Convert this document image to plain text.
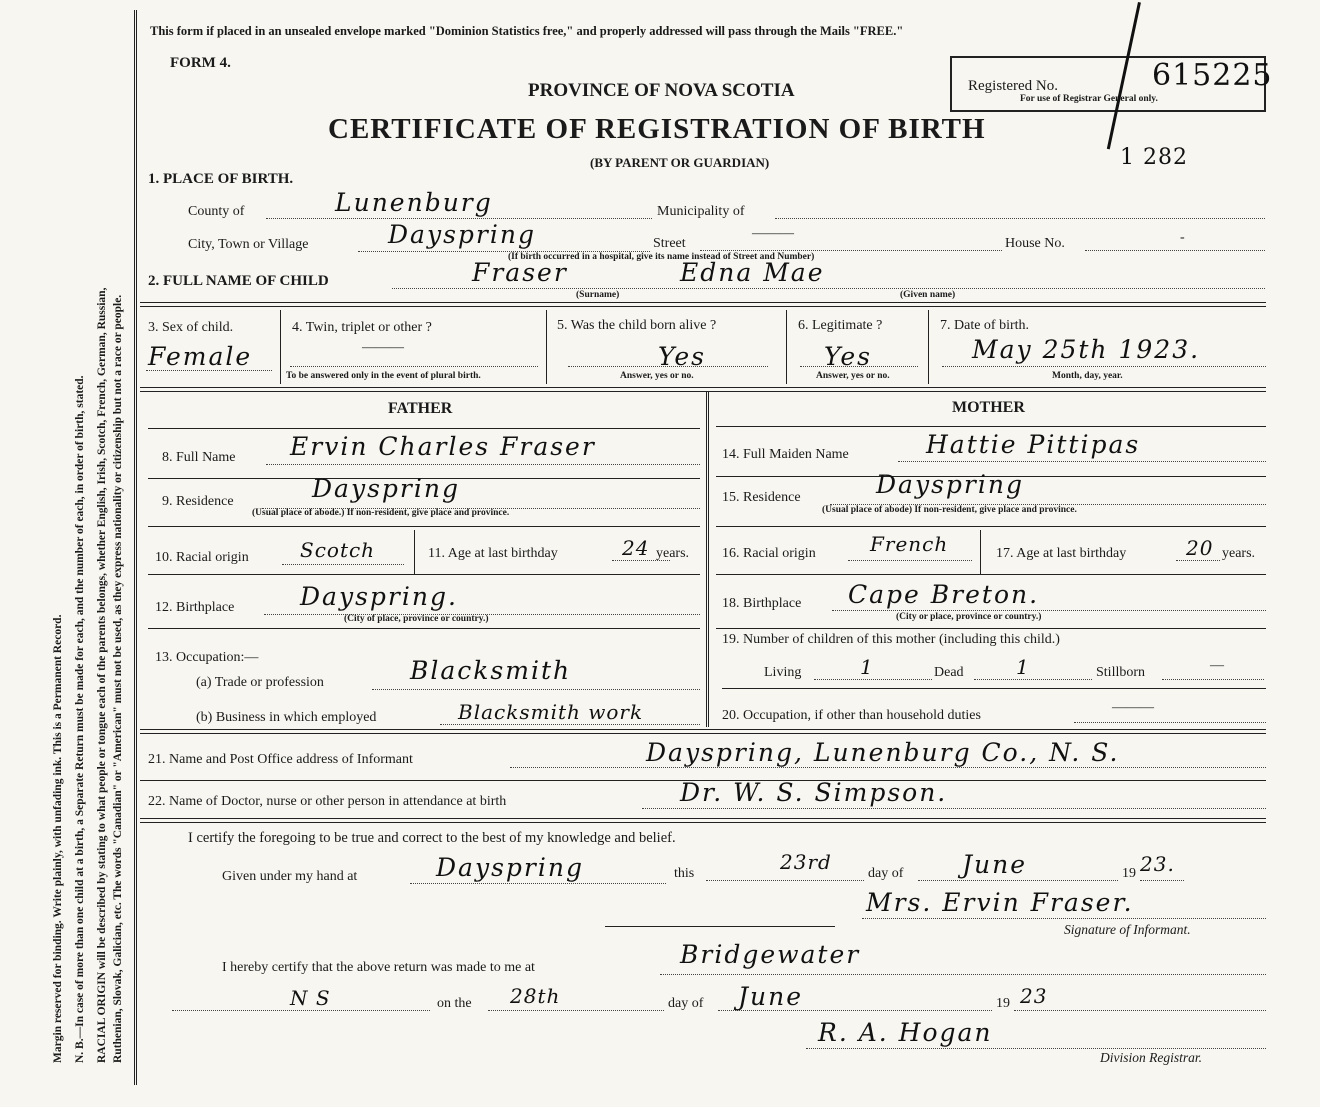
Margin reserved for binding. Write plainly, with unfading ink. This is a Permanent Record. N. B.—In case of more than one child at a birth, a Separate Return must be made for each, and the number of each, in order of birth, stated. RACIAL ORIGIN will be described by stating to what people or tongue each of the parents belongs, whether English, Irish, Scotch, French, German, Russian, Ruthenian, Slovak, Galician, etc. The words "Canadian" or "American" must not be used, as they express nationality or citizenship but not a race or people.
This form if placed in an unsealed envelope marked "Dominion Statistics free," and properly addressed will pass through the Mails "FREE."
FORM 4.
PROVINCE OF NOVA SCOTIA
CERTIFICATE OF REGISTRATION OF BIRTH
(BY PARENT OR GUARDIAN)
Registered No.
For use of Registrar General only.
615225
1 282
1. PLACE OF BIRTH.
County of	Lunenburg	Municipality of
City, Town or Village	Dayspring	Street
———
(If birth occurred in a hospital, give its name instead of Street and Number)
House No.	-
2. FULL NAME OF CHILD	Fraser	Edna Mae
(Surname)	(Given name)
3. Sex of child.
Female
4. Twin, triplet or other ?
———
To be answered only in the event of plural birth.
5. Was the child born alive ?
Yes
Answer, yes or no.
6. Legitimate ?
Yes
Answer, yes or no.
7. Date of birth.
May 25th 1923.
Month, day, year.
FATHER	MOTHER
8. Full Name Ervin Charles Fraser
9. Residence	Dayspring
(Usual place of abode.) If non-resident, give place and province.
10. Racial origin	Scotch	11. Age at last birthday	24 years.
12. Birthplace	Dayspring.
(City of place, province or country.)
13. Occupation:—
(a) Trade or profession	Blacksmith
(b) Business in which employed	Blacksmith work
14. Full Maiden Name	Hattie Pittipas
15. Residence	Dayspring
(Usual place of abode) If non-resident, give place and province.
16. Racial origin	French	17. Age at last birthday	20 years.
18. Birthplace Cape Breton.
(City or place, province or country.)
19. Number of children of this mother (including this child.)
Living	1	Dead	1	Stillborn	—
20. Occupation, if other than household duties
———
21. Name and Post Office address of Informant	Dayspring, Lunenburg Co., N. S.
22. Name of Doctor, nurse or other person in attendance at birth	Dr. W. S. Simpson.
I certify the foregoing to be true and correct to the best of my knowledge and belief.
Given under my hand at	Dayspring	this	23rd	day of June	19 23.
Mrs. Ervin Fraser.
Signature of Informant.
I hereby certify that the above return was made to me at	Bridgewater
N S	on the 28th	day of June	19 23
R. A. Hogan
Division Registrar.
